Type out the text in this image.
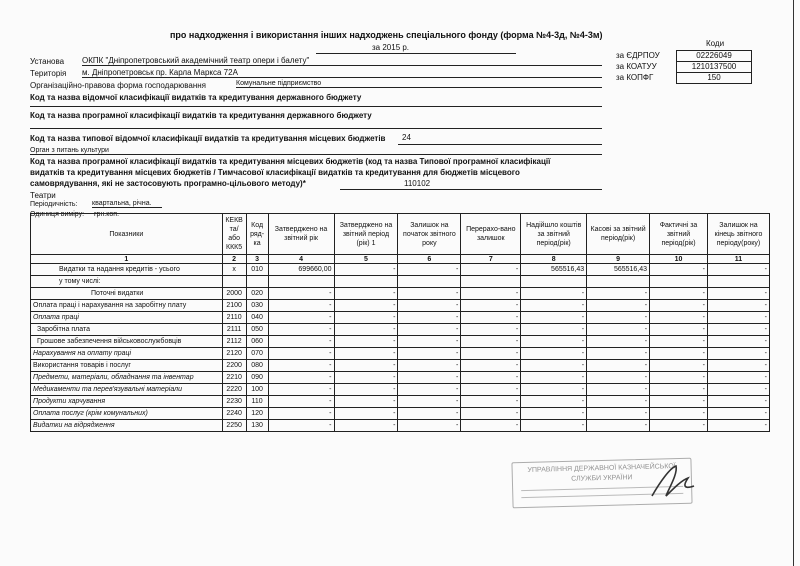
про надходження і використання інших надходжень спеціального фонду (форма №4-3д, №4-3м)
Коди
за 2015 р.
за ЄДРПОУ	02226049
за КОАТУУ	1210137500
за КОПФГ	150
Установа ОКПК "Дніпропетровський академічний театр опери і балету"
Територія м. Дніпропетровськ пр. Карла Маркса 72А
Організаційно-правова форма господарювання	Комунальне підприємство
Код та назва відомчої класифікації видатків та кредитування державного бюджету
Код та назва програмної класифікації видатків та кредитування державного бюджету
Код та назва типової відомчої класифікації видатків та кредитування місцевих бюджетів 24
Орган з питань культури
Код та назва програмної класифікації видатків та кредитування місцевих бюджетів (код та назва Типової програмної класифікації
видатків та кредитування місцевих бюджетів / Тимчасової класифікації видатків та кредитування для бюджетів місцевого
самоврядування, які не застосовують програмно-цільового методу)*	110102
Театри
Періодичність: квартальна, річна.
Одиниця виміру: грн.коп.
Показники	КЕКВ та/або ККК5	Код ряд-ка	Затверджено на звітний рік	Затверджено на звітний період (рік) 1	Залишок на початок звітного року	Перерахо-вано залишок	Надійшло коштів за звітний період(рік)	Касові за звітний період(рік)	Фактичні за звітний період(рік)	Залишок на кінець звітного періоду(року)
1	2	3	4	5	6	7	8	9	10	11
Видатки та надання кредитів - усього	x	010	699660,00	-	-	-	565516,43	565516,43	-	-
у тому числі:										
Поточні видатки	2000	020	-	-	-	-	-	-	-	-
Оплата праці і нарахування на заробітну плату	2100	030	-	-	-	-	-	-	-	-
Оплата праці	2110	040	-	-	-	-	-	-	-	-
Заробітна плата	2111	050	-	-	-	-	-	-	-	-
Грошове забезпечення військовослужбовців	2112	060	-	-	-	-	-	-	-	-
Нарахування на оплату праці	2120	070	-	-	-	-	-	-	-	-
Використання товарів і послуг	2200	080	-	-	-	-	-	-	-	-
Предмети, матеріали, обладнання та інвентар	2210	090	-	-	-	-	-	-	-	-
Медикаменти та перев'язувальні матеріали	2220	100	-	-	-	-	-	-	-	-
Продукти харчування	2230	110	-	-	-	-	-	-	-	-
Оплата послуг (крім комунальних)	2240	120	-	-	-	-	-	-	-	-
Видатки на відрядження	2250	130	-	-	-	-	-	-	-	-
УПРАВЛІННЯ ДЕРЖАВНОЇ КАЗНАЧЕЙСЬКОЇ СЛУЖБИ УКРАЇНИ
